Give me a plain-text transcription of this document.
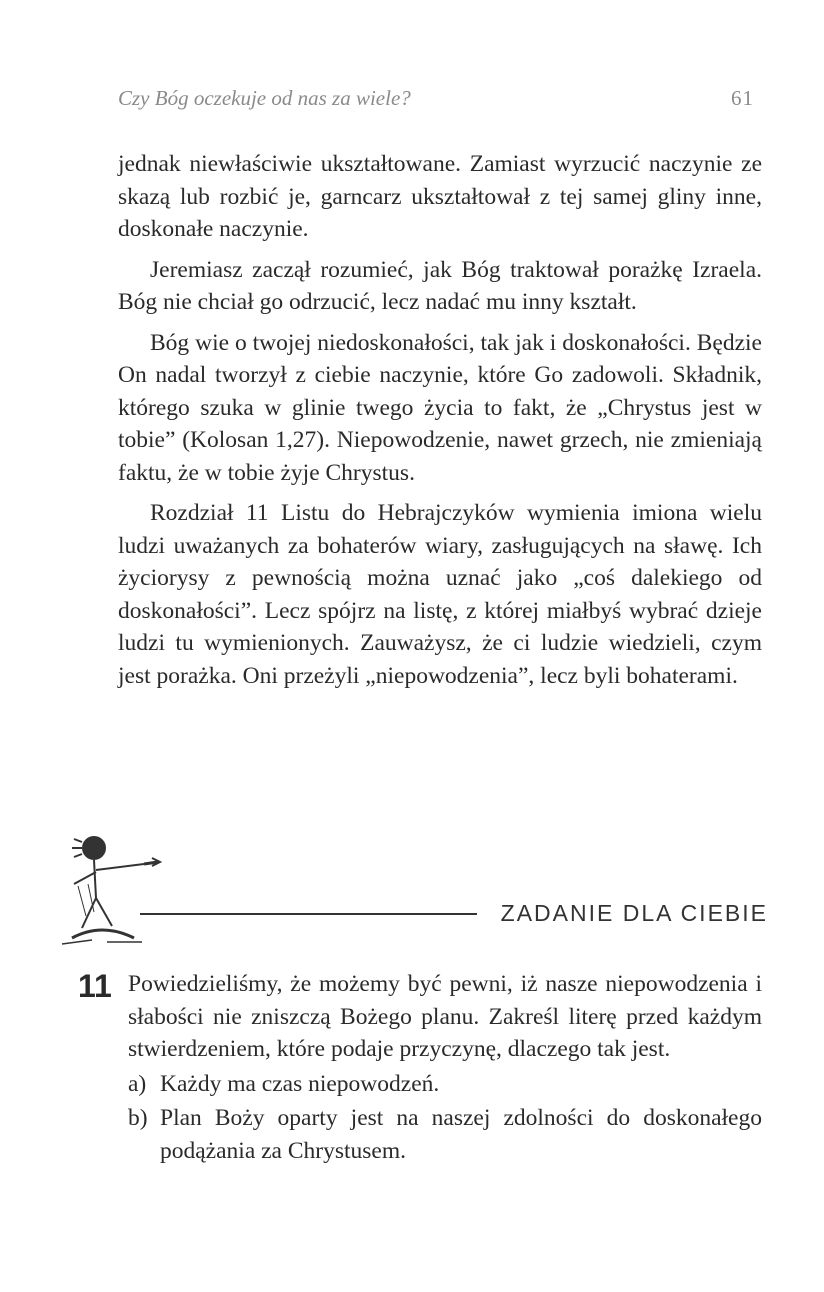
Czy Bóg oczekuje od nas za wiele?	61

jednak niewłaściwie ukształtowane. Zamiast wyrzucić naczynie ze skazą lub rozbić je, garncarz ukształtował z tej samej gliny inne, doskonałe naczynie.

Jeremiasz zaczął rozumieć, jak Bóg traktował porażkę Izraela. Bóg nie chciał go odrzucić, lecz nadać mu inny kształt.

Bóg wie o twojej niedoskonałości, tak jak i doskonałości. Będzie On nadal tworzył z ciebie naczynie, które Go zadowoli. Składnik, którego szuka w glinie twego życia to fakt, że „Chrystus jest w tobie” (Kolosan 1,27). Niepowodzenie, nawet grzech, nie zmieniają faktu, że w tobie żyje Chrystus.

Rozdział 11 Listu do Hebrajczyków wymienia imiona wielu ludzi uważanych za bohaterów wiary, zasługujących na sławę. Ich życiorysy z pewnością można uznać jako „coś dalekiego od doskonałości”. Lecz spójrz na listę, z której miałbyś wybrać dzieje ludzi tu wymienionych. Zauważysz, że ci ludzie wiedzieli, czym jest porażka. Oni przeżyli „niepowodzenia”, lecz byli bohaterami.

ZADANIE DLA CIEBIE
11 Powiedzieliśmy, że możemy być pewni, iż nasze niepowodzenia i słabości nie zniszczą Bożego planu. Zakreśl literę przed każdym stwierdzeniem, które podaje przyczynę, dlaczego tak jest.

a) Każdy ma czas niepowodzeń.
b) Plan Boży oparty jest na naszej zdolności do doskonałego podążania za Chrystusem.
